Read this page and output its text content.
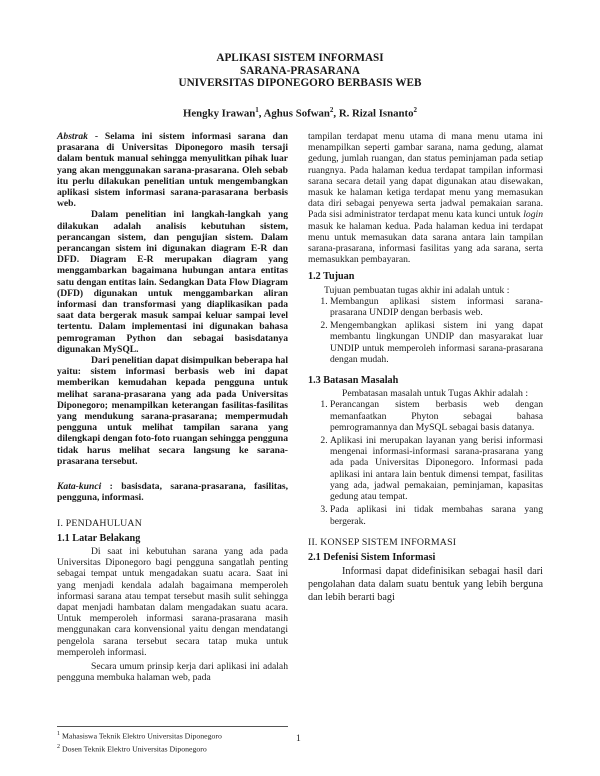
APLIKASI SISTEM INFORMASI
SARANA-PRASARANA
UNIVERSITAS DIPONEGORO BERBASIS WEB
Hengky Irawan$^1$, Aghus Sofwan$^2$, R. Rizal Isnanto$^2$

Abstrak - Selama ini sistem informasi sarana dan prasarana di Universitas Diponegoro masih tersaji dalam bentuk manual sehingga menyulitkan pihak luar yang akan menggunakan sarana-prasarana. Oleh sebab itu perlu dilakukan penelitian untuk mengembangkan aplikasi sistem informasi sarana-parasarana berbasis web.

Dalam penelitian ini langkah-langkah yang dilakukan adalah analisis kebutuhan sistem, perancangan sistem, dan pengujian sistem. Dalam perancangan sistem ini digunakan diagram E-R dan DFD. Diagram E-R merupakan diagram yang menggambarkan bagaimana hubungan antara entitas satu dengan entitas lain. Sedangkan Data Flow Diagram (DFD) digunakan untuk menggambarkan aliran informasi dan transformasi yang diaplikasikan pada saat data bergerak masuk sampai keluar sampai level tertentu. Dalam implementasi ini digunakan bahasa pemrograman Python dan sebagai basisdatanya digunakan MySQL.

Dari penelitian dapat disimpulkan beberapa hal yaitu: sistem informasi berbasis web ini dapat memberikan kemudahan kepada pengguna untuk melihat sarana-prasarana yang ada pada Universitas Diponegoro; menampilkan keterangan fasilitas-fasilitas yang mendukung sarana-prasarana; mempermudah pengguna untuk melihat tampilan sarana yang dilengkapi dengan foto-foto ruangan sehingga pengguna tidak harus melihat secara langsung ke sarana-prasarana tersebut.

Kata-kunci : basisdata, sarana-prasarana, fasilitas, pengguna, informasi.

I. PENDAHULUAN
1.1 Latar Belakang

Di saat ini kebutuhan sarana yang ada pada Universitas Diponegoro bagi pengguna sangatlah penting sebagai tempat untuk mengadakan suatu acara. Saat ini yang menjadi kendala adalah bagaimana memperoleh informasi sarana atau tempat tersebut masih sulit sehingga dapat menjadi hambatan dalam mengadakan suatu acara. Untuk memperoleh informasi sarana-prasarana masih menggunakan cara konvensional yaitu dengan mendatangi pengelola sarana tersebut secara tatap muka untuk memperoleh informasi.

Secara umum prinsip kerja dari aplikasi ini adalah pengguna membuka halaman web, pada

tampilan terdapat menu utama di mana menu utama ini menampilkan seperti gambar sarana, nama gedung, alamat gedung, jumlah ruangan, dan status peminjaman pada setiap ruangnya. Pada halaman kedua terdapat tampilan informasi sarana secara detail yang dapat digunakan atau disewakan, masuk ke halaman ketiga terdapat menu yang memasukan data diri sebagai penyewa serta jadwal pemakaian sarana. Pada sisi administrator terdapat menu kata kunci untuk login masuk ke halaman kedua. Pada halaman kedua ini terdapat menu untuk memasukan data sarana antara lain tampilan sarana-prasarana, informasi fasilitas yang ada sarana, serta memasukkan pembayaran.

1.2 Tujuan

Tujuan pembuatan tugas akhir ini adalah untuk :

1. Membangun aplikasi sistem informasi sarana-prasarana UNDIP dengan berbasis web.
2. Mengembangkan aplikasi sistem ini yang dapat membantu lingkungan UNDIP dan masyarakat luar UNDIP untuk memperoleh informasi sarana-prasarana dengan mudah.
1.3 Batasan Masalah

Pembatasan masalah untuk Tugas Akhir adalah :

1. Perancangan sistem berbasis web dengan memanfaatkan Phyton sebagai bahasa pemrogramannya dan MySQL sebagai basis datanya.
2. Aplikasi ini merupakan layanan yang berisi informasi mengenai informasi-informasi sarana-prasarana yang ada pada Universitas Diponegoro. Informasi pada aplikasi ini antara lain bentuk dimensi tempat, fasilitas yang ada, jadwal pemakaian, peminjaman, kapasitas gedung atau tempat.
3. Pada aplikasi ini tidak membahas sarana yang bergerak.
II. KONSEP SISTEM INFORMASI
2.1 Defenisi Sistem Informasi

Informasi dapat didefinisikan sebagai hasil dari pengolahan data dalam suatu bentuk yang lebih berguna dan lebih berarti bagi

$^1$ Mahasiswa Teknik Elektro Universitas Diponegoro
$^2$ Dosen Teknik Elektro Universitas Diponegoro
1
